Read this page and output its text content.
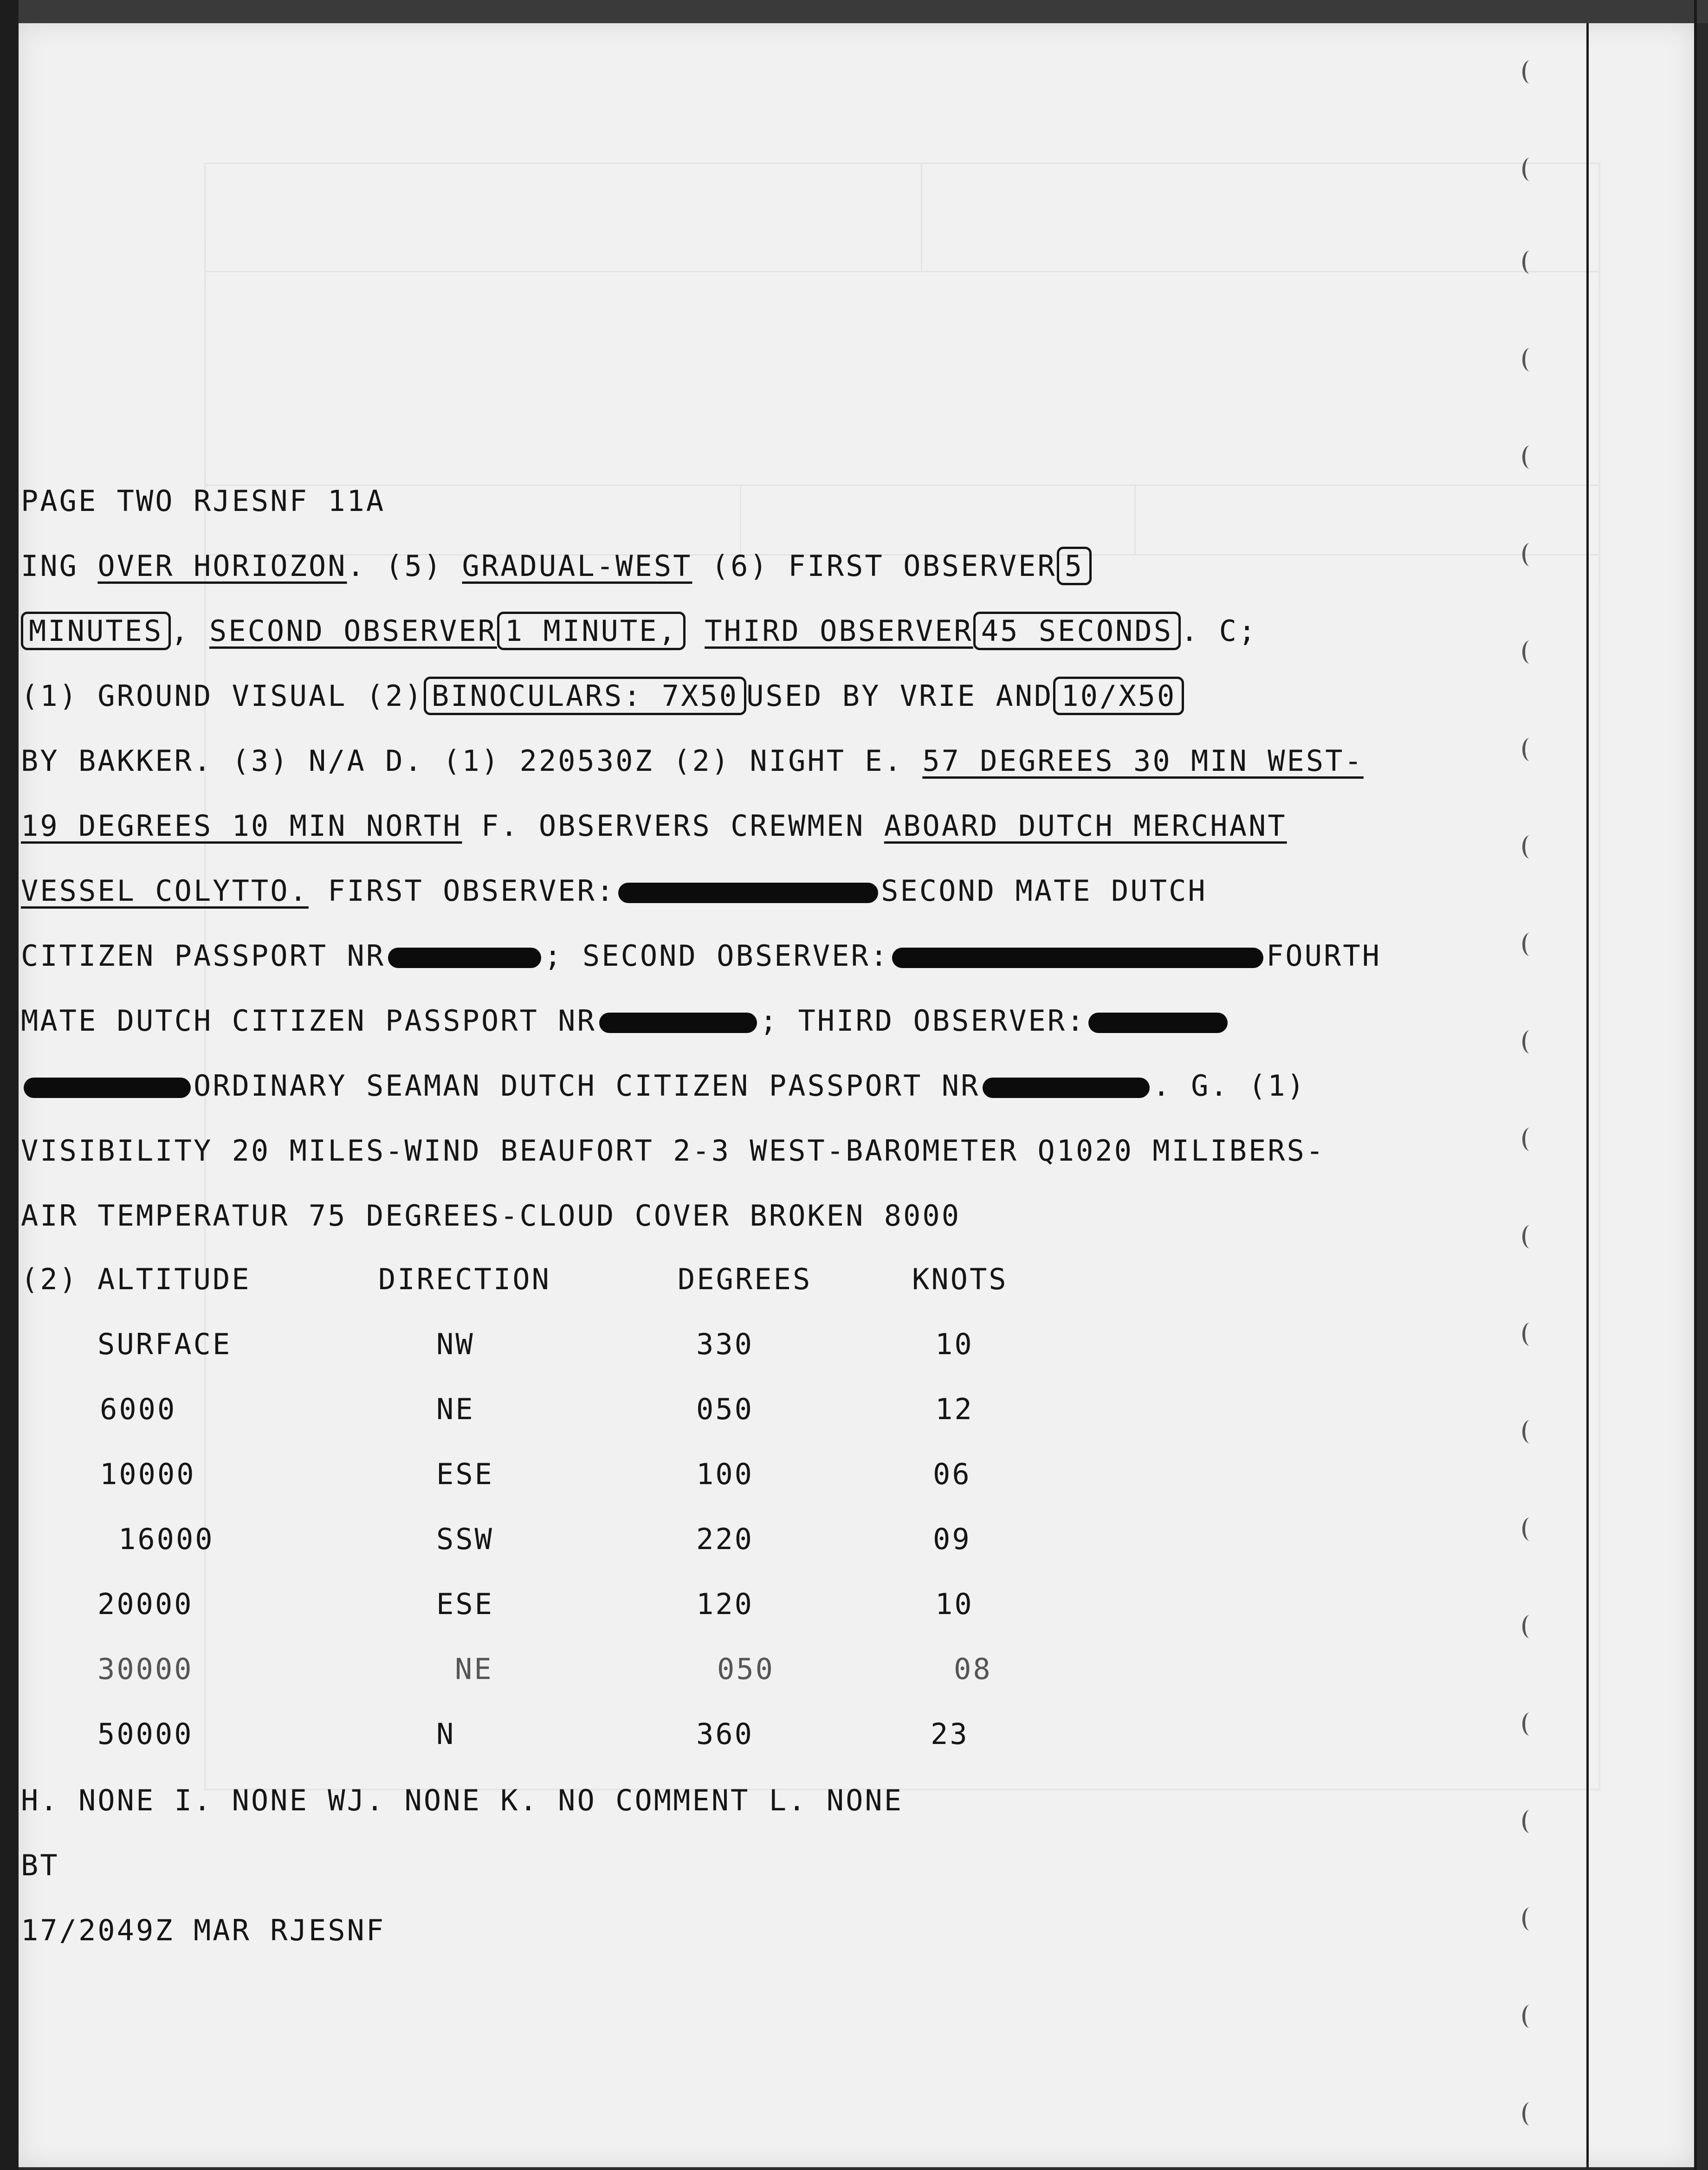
PAGE TWO RJESNF 11A
ING OVER HORIOZON. (5) GRADUAL-WEST (6) FIRST OBSERVER 5
MINUTES , SECOND OBSERVER 1 MINUTE, THIRD OBSERVER 45 SECONDS . C;
(1) GROUND VISUAL (2) BINOCULARS: 7X50 USED BY VRIE AND 10/X50
BY BAKKER. (3) N/A D. (1) 220530Z (2) NIGHT E. 57 DEGREES 30 MIN WEST-
19 DEGREES 10 MIN NORTH F. OBSERVERS CREWMEN ABOARD DUTCH MERCHANT
VESSEL COLYTTO. FIRST OBSERVER:	SECOND MATE DUTCH
CITIZEN PASSPORT NR	; SECOND OBSERVER:	FOURTH
MATE DUTCH CITIZEN PASSPORT NR	; THIRD OBSERVER:
ORDINARY SEAMAN DUTCH CITIZEN PASSPORT NR	. G. (1)
VISIBILITY 20 MILES-WIND BEAUFORT 2-3 WEST-BAROMETER Q1020 MILIBERS-
AIR TEMPERATUR 75 DEGREES-CLOUD COVER BROKEN 8000
(2) ALTITUDE	DIRECTION	DEGREES	KNOTS
SURFACE	NW	330	10
6000	NE	050	12
10000	ESE	100	06
16000	SSW	220	09
20000	ESE	120	10
30000	NE	050	08
50000	N	360	23
H. NONE I. NONE WJ. NONE K. NO COMMENT L. NONE
BT
17/2049Z MAR RJESNF
